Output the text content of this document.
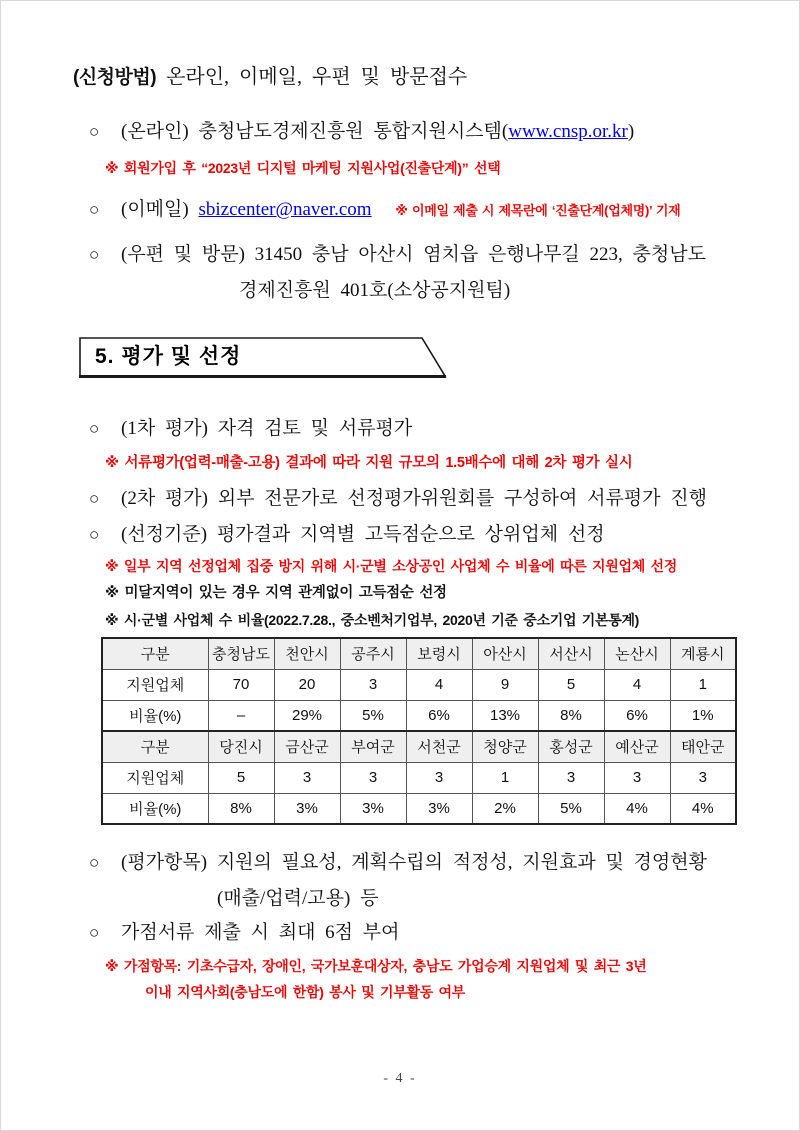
(신청방법) 온라인, 이메일, 우편 및 방문접수
○	(온라인) 충청남도경제진흥원 통합지원시스템(www.cnsp.or.kr)
※ 회원가입 후 “2023년 디지털 마케팅 지원사업(진출단계)” 선택
○	(이메일) sbizcenter@naver.com ※ 이메일 제출 시 제목란에 ‘진출단계(업체명)’ 기재
○	(우편 및 방문) 31450 충남 아산시 염치읍 은행나무길 223, 충청남도
경제진흥원 401호(소상공지원팀)
5. 평가 및 선정
○	(1차 평가) 자격 검토 및 서류평가
※ 서류평가(업력-매출-고용) 결과에 따라 지원 규모의 1.5배수에 대해 2차 평가 실시
○	(2차 평가) 외부 전문가로 선정평가위원회를 구성하여 서류평가 진행
○	(선정기준) 평가결과 지역별 고득점순으로 상위업체 선정
※ 일부 지역 선정업체 집중 방지 위해 시·군별 소상공인 사업체 수 비율에 따른 지원업체 선정
※ 미달지역이 있는 경우 지역 관계없이 고득점순 선정
※ 시·군별 사업체 수 비율(2022.7.28., 중소벤처기업부, 2020년 기준 중소기업 기본통계)
구분	충청남도	천안시	공주시	보령시	아산시	서산시	논산시	계룡시
지원업체	70	20	3	4	9	5	4	1
비율(%)	–	29%	5%	6%	13%	8%	6%	1%
구분	당진시	금산군	부여군	서천군	청양군	홍성군	예산군	태안군
지원업체	5	3	3	3	1	3	3	3
비율(%)	8%	3%	3%	3%	2%	5%	4%	4%
○	(평가항목) 지원의 필요성, 계획수립의 적정성, 지원효과 및 경영현황
(매출/업력/고용) 등
○	가점서류 제출 시 최대 6점 부여
※ 가점항목: 기초수급자, 장애인, 국가보훈대상자, 충남도 가업승계 지원업체 및 최근 3년
이내 지역사회(충남도에 한함) 봉사 및 기부활동 여부
- 4 -
